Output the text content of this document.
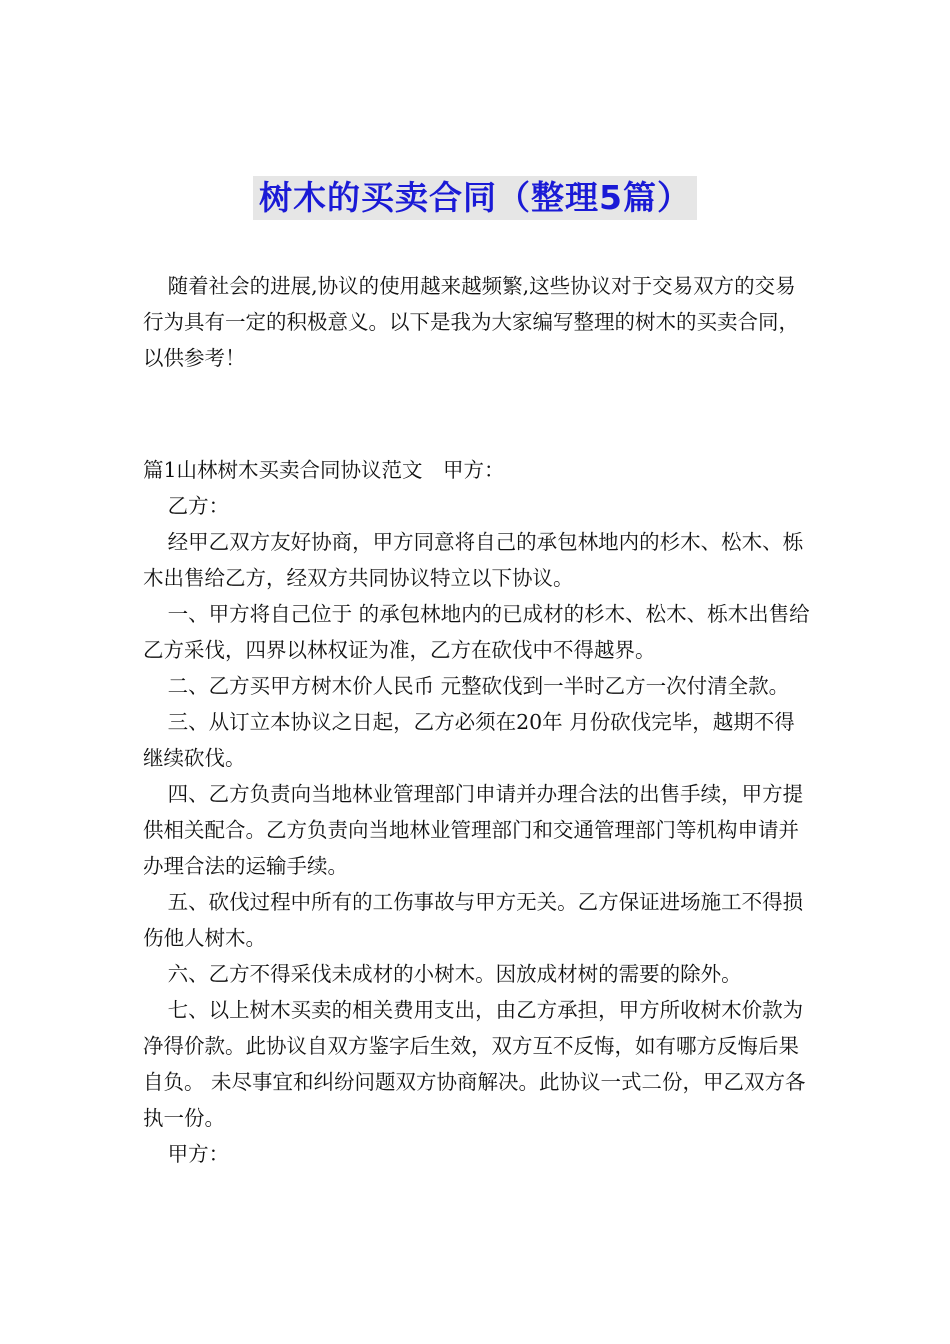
树木的买卖合同（整理5篇）

随着社会的进展,协议的使用越来越频繁,这些协议对于交易双方的交易行为具有一定的积极意义。以下是我为大家编写整理的树木的买卖合同，以供参考！

篇1山林树木买卖合同协议范文　甲方：

乙方：

经甲乙双方友好协商，甲方同意将自己的承包林地内的杉木、松木、栎木出售给乙方，经双方共同协议特立以下协议。

一、甲方将自己位于 的承包林地内的已成材的杉木、松木、栎木出售给乙方采伐，四界以林权证为准，乙方在砍伐中不得越界。

二、乙方买甲方树木价人民币 元整砍伐到一半时乙方一次付清全款。

三、从订立本协议之日起，乙方必须在20年 月份砍伐完毕，越期不得继续砍伐。

四、乙方负责向当地林业管理部门申请并办理合法的出售手续，甲方提供相关配合。乙方负责向当地林业管理部门和交通管理部门等机构申请并办理合法的运输手续。

五、砍伐过程中所有的工伤事故与甲方无关。乙方保证进场施工不得损伤他人树木。

六、乙方不得采伐未成材的小树木。因放成材树的需要的除外。

七、以上树木买卖的相关费用支出，由乙方承担，甲方所收树木价款为净得价款。此协议自双方鉴字后生效，双方互不反悔，如有哪方反悔后果自负。 未尽事宜和纠纷问题双方协商解决。此协议一式二份，甲乙双方各执一份。

甲方：
